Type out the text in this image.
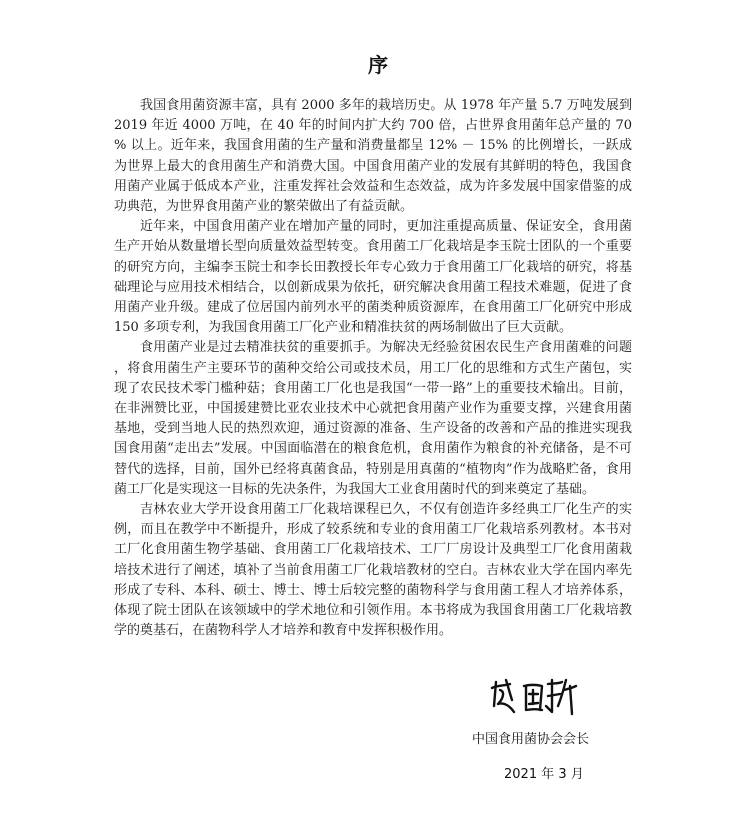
序

我国食用菌资源丰富，具有 2000 多年的栽培历史。从 1978 年产量 5.7 万吨发展到 2019 年近 4000 万吨，在 40 年的时间内扩大约 700 倍，占世界食用菌年总产量的 70% 以上。近年来，我国食用菌的生产量和消费量都呈 12% － 15% 的比例增长，一跃成为世界上最大的食用菌生产和消费大国。中国食用菌产业的发展有其鲜明的特色，我国食用菌产业属于低成本产业，注重发挥社会效益和生态效益，成为许多发展中国家借鉴的成功典范，为世界食用菌产业的繁荣做出了有益贡献。

近年来，中国食用菌产业在增加产量的同时，更加注重提高质量、保证安全，食用菌生产开始从数量增长型向质量效益型转变。食用菌工厂化栽培是李玉院士团队的一个重要的研究方向，主编李玉院士和李长田教授长年专心致力于食用菌工厂化栽培的研究，将基础理论与应用技术相结合，以创新成果为依托，研究解决食用菌工程技术难题，促进了食用菌产业升级。建成了位居国内前列水平的菌类种质资源库，在食用菌工厂化研究中形成 150 多项专利，为我国食用菌工厂化产业和精准扶贫的两场制做出了巨大贡献。

食用菌产业是过去精准扶贫的重要抓手。为解决无经验贫困农民生产食用菌难的问题，将食用菌生产主要环节的菌种交给公司或技术员，用工厂化的思维和方式生产菌包，实现了农民技术零门槛种菇；食用菌工厂化也是我国“一带一路”上的重要技术输出。目前，在非洲赞比亚，中国援建赞比亚农业技术中心就把食用菌产业作为重要支撑，兴建食用菌基地，受到当地人民的热烈欢迎，通过资源的准备、生产设备的改善和产品的推进实现我国食用菌“走出去”发展。中国面临潜在的粮食危机，食用菌作为粮食的补充储备，是不可替代的选择，目前，国外已经将真菌食品，特别是用真菌的“植物肉”作为战略贮备，食用菌工厂化是实现这一目标的先决条件，为我国大工业食用菌时代的到来奠定了基础。

吉林农业大学开设食用菌工厂化栽培课程已久，不仅有创造许多经典工厂化生产的实例，而且在教学中不断提升，形成了较系统和专业的食用菌工厂化栽培系列教材。本书对工厂化食用菌生物学基础、食用菌工厂化栽培技术、工厂厂房设计及典型工厂化食用菌栽培技术进行了阐述，填补了当前食用菌工厂化栽培教材的空白。吉林农业大学在国内率先形成了专科、本科、硕士、博士、博士后较完整的菌物科学与食用菌工程人才培养体系，体现了院士团队在该领域中的学术地位和引领作用。本书将成为我国食用菌工厂化栽培教学的奠基石，在菌物科学人才培养和教育中发挥积极作用。

中国食用菌协会会长
2021 年 3 月
